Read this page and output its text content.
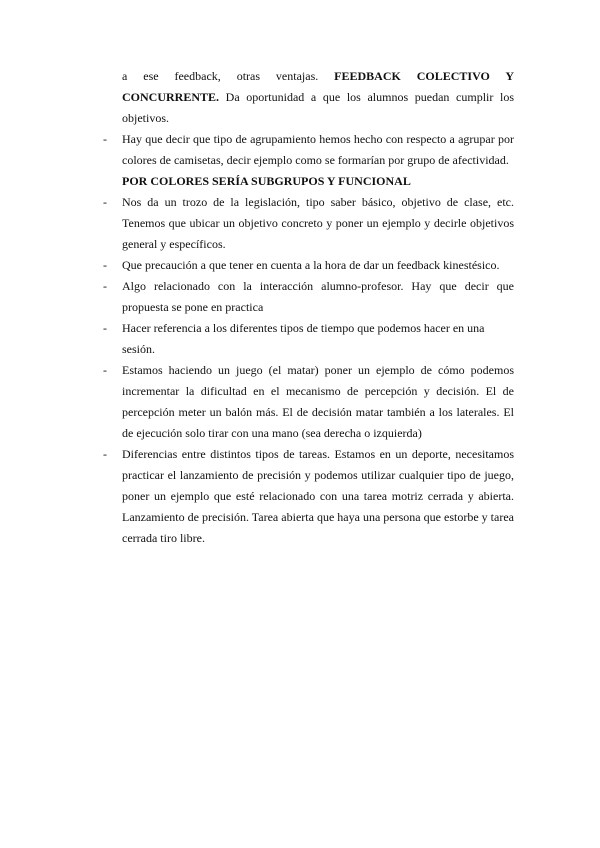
a ese feedback, otras ventajas. FEEDBACK COLECTIVO Y
CONCURRENTE. Da oportunidad a que los alumnos puedan cumplir los
objetivos.
- Hay que decir que tipo de agrupamiento hemos hecho con respecto a agrupar por
colores de camisetas, decir ejemplo como se formarían por grupo de afectividad.
POR COLORES SERÍA SUBGRUPOS Y FUNCIONAL
- Nos da un trozo de la legislación, tipo saber básico, objetivo de clase, etc.
Tenemos que ubicar un objetivo concreto y poner un ejemplo y decirle objetivos
general y específicos.
- Que precaución a que tener en cuenta a la hora de dar un feedback kinestésico.
- Algo relacionado con la interacción alumno-profesor. Hay que decir que
propuesta se pone en practica
- Hacer referencia a los diferentes tipos de tiempo que podemos hacer en una sesión.
- Estamos haciendo un juego (el matar) poner un ejemplo de cómo podemos
incrementar la dificultad en el mecanismo de percepción y decisión. El de
percepción meter un balón más. El de decisión matar también a los laterales. El
de ejecución solo tirar con una mano (sea derecha o izquierda)
- Diferencias entre distintos tipos de tareas. Estamos en un deporte, necesitamos
practicar el lanzamiento de precisión y podemos utilizar cualquier tipo de juego,
poner un ejemplo que esté relacionado con una tarea motriz cerrada y abierta.
Lanzamiento de precisión. Tarea abierta que haya una persona que estorbe y tarea
cerrada tiro libre.
